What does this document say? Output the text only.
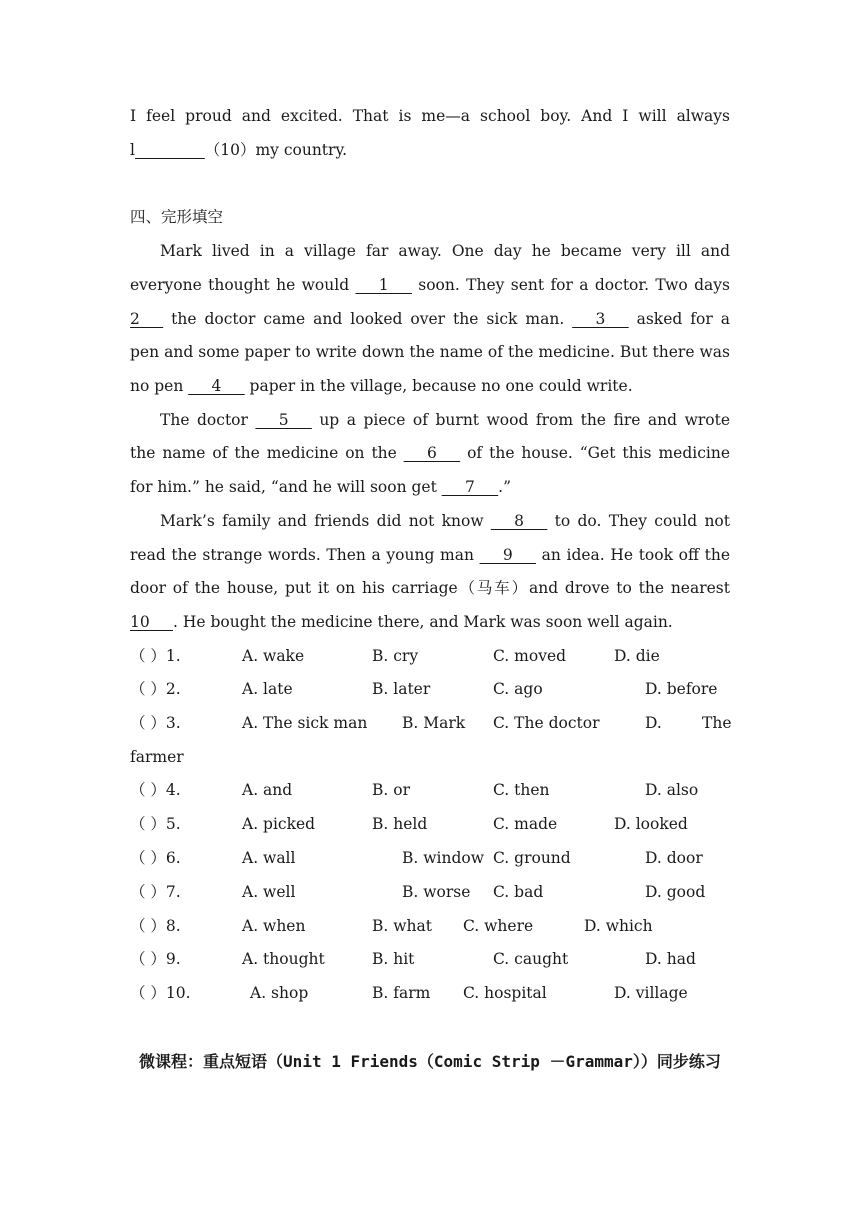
I feel proud and excited. That is me—a school boy. And I will always
l_________（10）my country.
四、完形填空
Mark lived in a village far away. One day he became very ill and
everyone thought he would ___1___ soon. They sent for a doctor. Two days
2___ the doctor came and looked over the sick man. ___3___ asked for a
pen and some paper to write down the name of the medicine. But there was
no pen ___4___ paper in the village, because no one could write.
The doctor ___5___ up a piece of burnt wood from the fire and wrote
the name of the medicine on the ___6___ of the house. “Get this medicine
for him.” he said, “and he will soon get ___7___.”
Mark’s family and friends did not know ___8___ to do. They could not
read the strange words. Then a young man ___9___ an idea. He took off the
door of the house, put it on his carriage（马车）and drove to the nearest
10___. He bought the medicine there, and Mark was soon well again.
（ ）1.	A. wake	B. cry	C. moved	D. die
（ ）2.	A. late	B. later	C. ago	D. before
（ ）3.	A. The sick man B. Mark C. The doctor	D.	The
farmer
（ ）4.	A. and	B. or	C. then	D. also
（ ）5.	A. picked	B. held	C. made	D. looked
（ ）6.	A. wall	B. window C. ground	D. door
（ ）7.	A. well	B. worse C. bad	D. good
（ ）8.	A. when	B. what C. where	D. which
（ ）9.	A. thought	B. hit	C. caught	D. had
（ ）10.	A. shop	B. farm C. hospital	D. village
微课程：重点短语（Unit 1 Friends（Comic Strip －Grammar））同步练习
